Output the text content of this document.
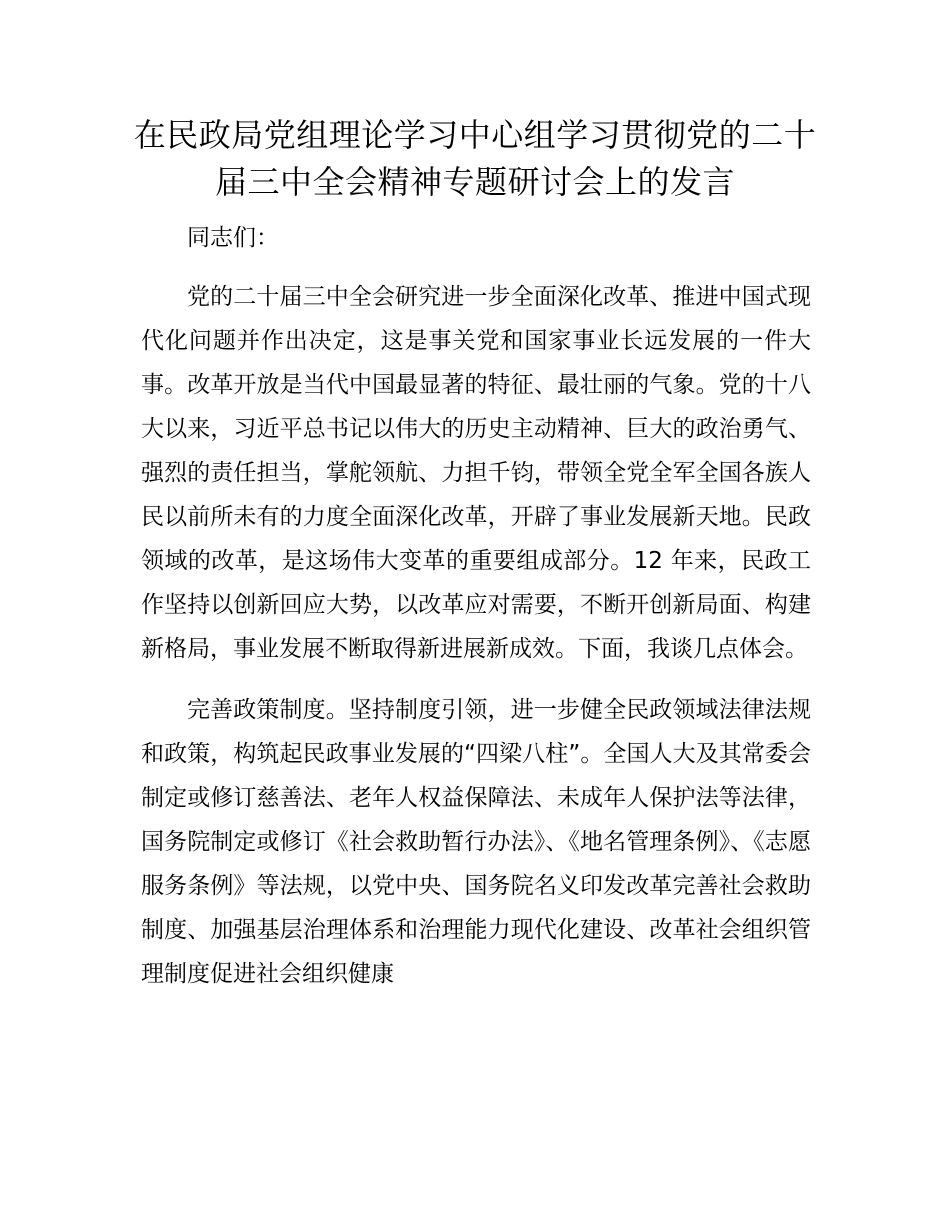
在民政局党组理论学习中心组学习贯彻党的二十届三中全会精神专题研讨会上的发言

同志们：

党的二十届三中全会研究进一步全面深化改革、推进中国式现代化问题并作出决定，这是事关党和国家事业长远发展的一件大事。改革开放是当代中国最显著的特征、最壮丽的气象。党的十八大以来，习近平总书记以伟大的历史主动精神、巨大的政治勇气、强烈的责任担当，掌舵领航、力担千钧，带领全党全军全国各族人民以前所未有的力度全面深化改革，开辟了事业发展新天地。民政领域的改革，是这场伟大变革的重要组成部分。12 年来，民政工作坚持以创新回应大势，以改革应对需要，不断开创新局面、构建新格局，事业发展不断取得新进展新成效。下面，我谈几点体会。

完善政策制度。坚持制度引领，进一步健全民政领域法律法规和政策，构筑起民政事业发展的“四梁八柱”。全国人大及其常委会制定或修订慈善法、老年人权益保障法、未成年人保护法等法律，国务院制定或修订《社会救助暂行办法》、《地名管理条例》、《志愿服务条例》等法规，以党中央、国务院名义印发改革完善社会救助制度、加强基层治理体系和治理能力现代化建设、改革社会组织管理制度促进社会组织健康
